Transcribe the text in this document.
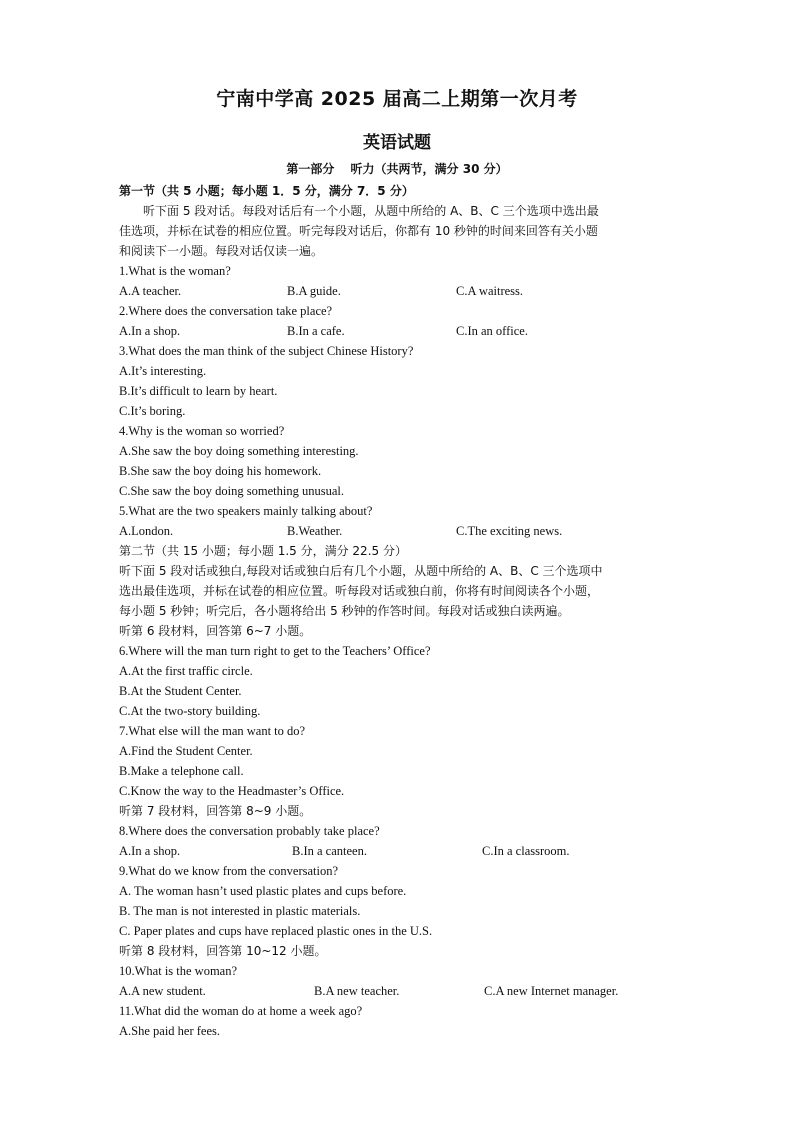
宁南中学高 2025 届高二上期第一次月考
英语试题
第一部分　 听力（共两节，满分 30 分）
第一节（共 5 小题；每小题 1．5 分，满分 7．5 分）
　　听下面 5 段对话。每段对话后有一个小题，从题中所给的 A、B、C 三个选项中选出最
佳选项，并标在试卷的相应位置。听完每段对话后，你都有 10 秒钟的时间来回答有关小题
和阅读下一小题。每段对话仅读一遍。
1.What is the woman?
A.A teacher.	B.A guide.	C.A waitress.
2.Where does the conversation take place?
A.In a shop.	B.In a cafe.	C.In an office.
3.What does the man think of the subject Chinese History?
A.It’s interesting.
B.It’s difficult to learn by heart.
C.It’s boring.
4.Why is the woman so worried?
A.She saw the boy doing something interesting.
B.She saw the boy doing his homework.
C.She saw the boy doing something unusual.
5.What are the two speakers mainly talking about?
A.London.	B.Weather.	C.The exciting news.
第二节（共 15 小题；每小题 1.5 分，满分 22.5 分）
听下面 5 段对话或独白,每段对话或独白后有几个小题，从题中所给的 A、B、C 三个选项中
选出最佳选项，并标在试卷的相应位置。听每段对话或独白前，你将有时间阅读各个小题，
每小题 5 秒钟；听完后，各小题将给出 5 秒钟的作答时间。每段对话或独白读两遍。
听第 6 段材料，回答第 6~7 小题。
6.Where will the man turn right to get to the Teachers’ Office?
A.At the first traffic circle.
B.At the Student Center.
C.At the two-story building.
7.What else will the man want to do?
A.Find the Student Center.
B.Make a telephone call.
C.Know the way to the Headmaster’s Office.
听第 7 段材料，回答第 8~9 小题。
8.Where does the conversation probably take place?
A.In a shop.	B.In a canteen.	C.In a classroom.
9.What do we know from the conversation?
A. The woman hasn’t used plastic plates and cups before.
B. The man is not interested in plastic materials.
C. Paper plates and cups have replaced plastic ones in the U.S.
听第 8 段材料，回答第 10~12 小题。
10.What is the woman?
A.A new student.	B.A new teacher.	C.A new Internet manager.
11.What did the woman do at home a week ago?
A.She paid her fees.
